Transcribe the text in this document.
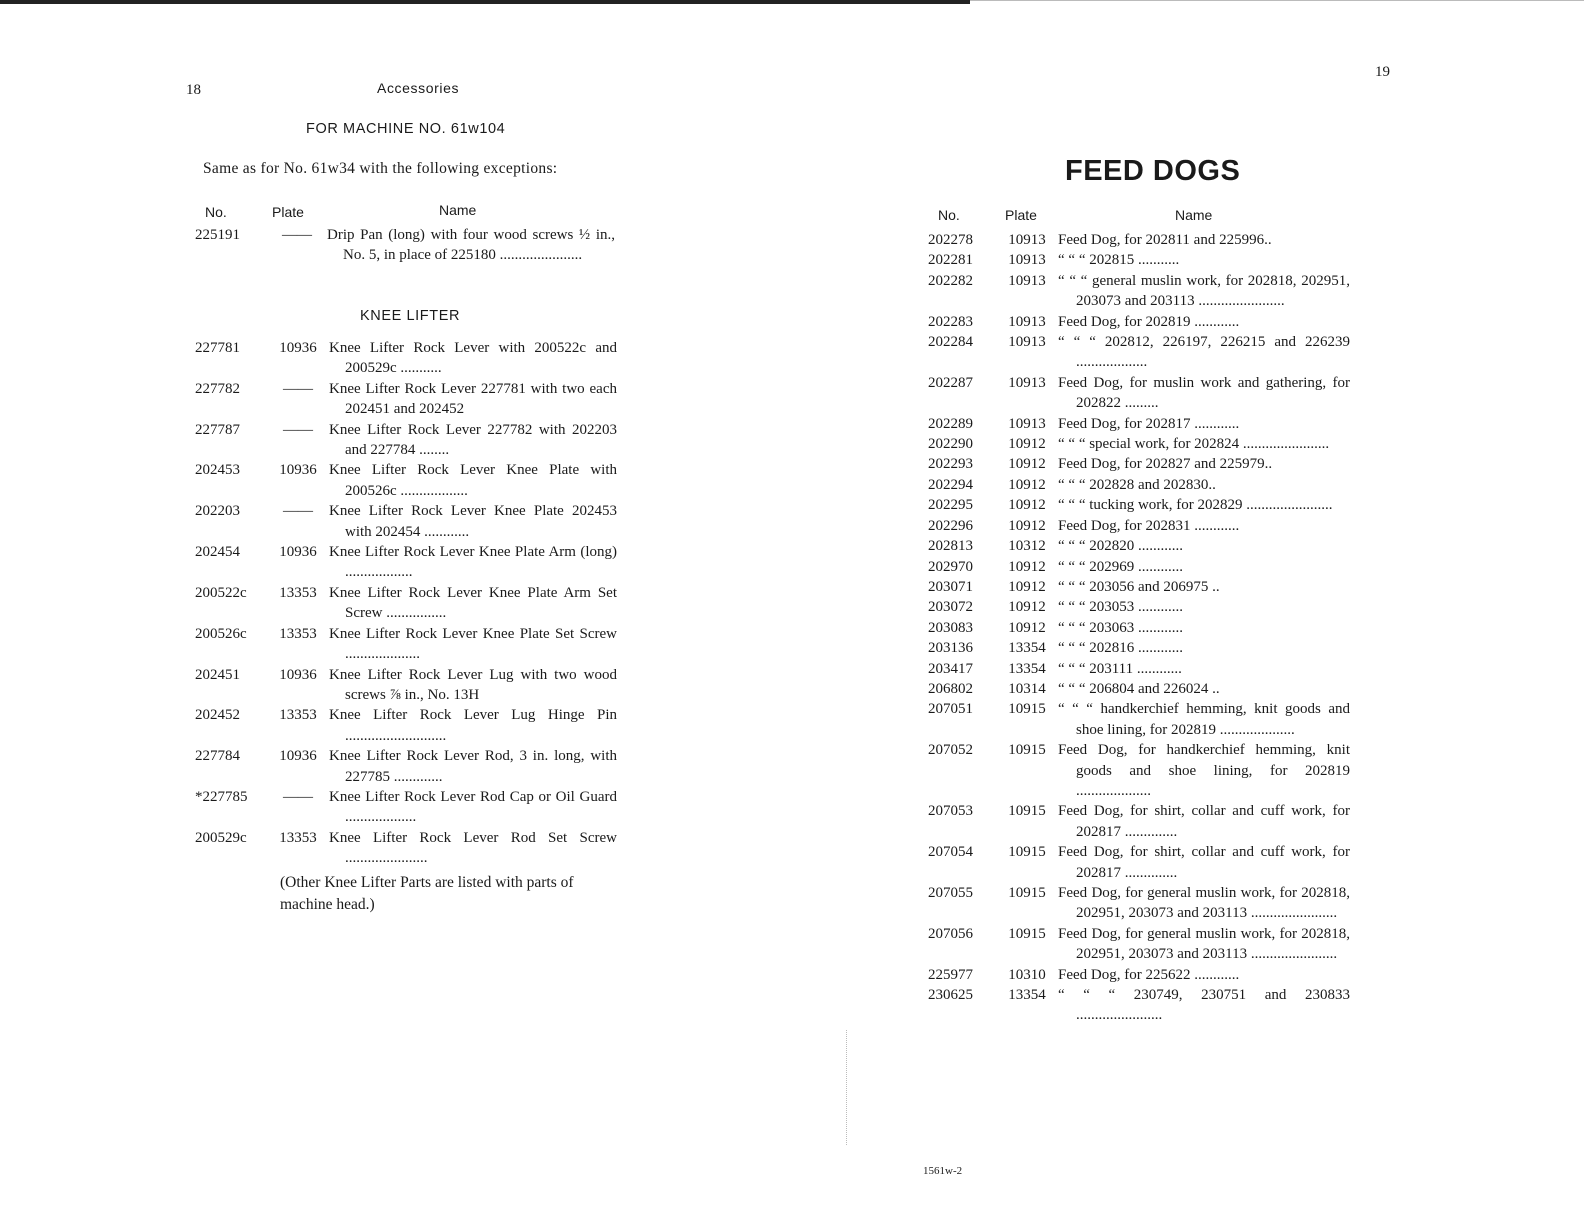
18	Accessories
FOR MACHINE NO. 61w104
Same as for No. 61w34 with the following exceptions:
No.	Plate	Name
225191	——	Drip Pan (long) with four wood screws ½ in., No. 5, in place of 225180 ......................
KNEE LIFTER
227781	10936 Knee Lifter Rock Lever with 200522c and 200529c ...........
227782	——	Knee Lifter Rock Lever 227781 with two each 202451 and 202452
227787	——	Knee Lifter Rock Lever 227782 with 202203 and 227784 ........
202453	10936 Knee Lifter Rock Lever Knee Plate with 200526c ..................
202203	——	Knee Lifter Rock Lever Knee Plate 202453 with 202454 ............
202454	10936 Knee Lifter Rock Lever Knee Plate Arm (long) ..................
200522c	13353 Knee Lifter Rock Lever Knee Plate Arm Set Screw ................
200526c	13353 Knee Lifter Rock Lever Knee Plate Set Screw ....................
202451	10936 Knee Lifter Rock Lever Lug with two wood screws ⅞ in., No. 13H
202452	13353 Knee Lifter Rock Lever Lug Hinge Pin ...........................
227784	10936 Knee Lifter Rock Lever Rod, 3 in. long, with 227785 .............
*227785	——	Knee Lifter Rock Lever Rod Cap or Oil Guard ...................
200529c	13353 Knee Lifter Rock Lever Rod Set Screw ......................
(Other Knee Lifter Parts are listed with parts of machine head.)
19
FEED DOGS
No.	Plate	Name
202278	10913 Feed Dog, for 202811 and 225996..
202281	10913 “ “ “ 202815 ...........
202282	10913 “ “ “ general muslin work, for 202818, 202951, 203073 and 203113 .......................
202283	10913 Feed Dog, for 202819 ............
202284	10913 “ “ “ 202812, 226197, 226215 and 226239 ...................
202287	10913 Feed Dog, for muslin work and gathering, for 202822 .........
202289	10913 Feed Dog, for 202817 ............
202290	10912 “ “ “ special work, for 202824 .......................
202293	10912 Feed Dog, for 202827 and 225979..
202294	10912 “ “ “ 202828 and 202830..
202295	10912 “ “ “ tucking work, for 202829 .......................
202296	10912 Feed Dog, for 202831 ............
202813	10312 “ “ “ 202820 ............
202970	10912 “ “ “ 202969 ............
203071	10912 “ “ “ 203056 and 206975 ..
203072	10912 “ “ “ 203053 ............
203083	10912 “ “ “ 203063 ............
203136	13354 “ “ “ 202816 ............
203417	13354 “ “ “ 203111 ............
206802	10314 “ “ “ 206804 and 226024 ..
207051	10915 “ “ “ handkerchief hemming, knit goods and shoe lining, for 202819 ....................
207052	10915 Feed Dog, for handkerchief hemming, knit goods and shoe lining, for 202819 ....................
207053	10915 Feed Dog, for shirt, collar and cuff work, for 202817 ..............
207054	10915 Feed Dog, for shirt, collar and cuff work, for 202817 ..............
207055	10915 Feed Dog, for general muslin work, for 202818, 202951, 203073 and 203113 .......................
207056	10915 Feed Dog, for general muslin work, for 202818, 202951, 203073 and 203113 .......................
225977	10310 Feed Dog, for 225622 ............
230625	13354 “ “ “ 230749, 230751 and 230833 .......................
1561w-2
